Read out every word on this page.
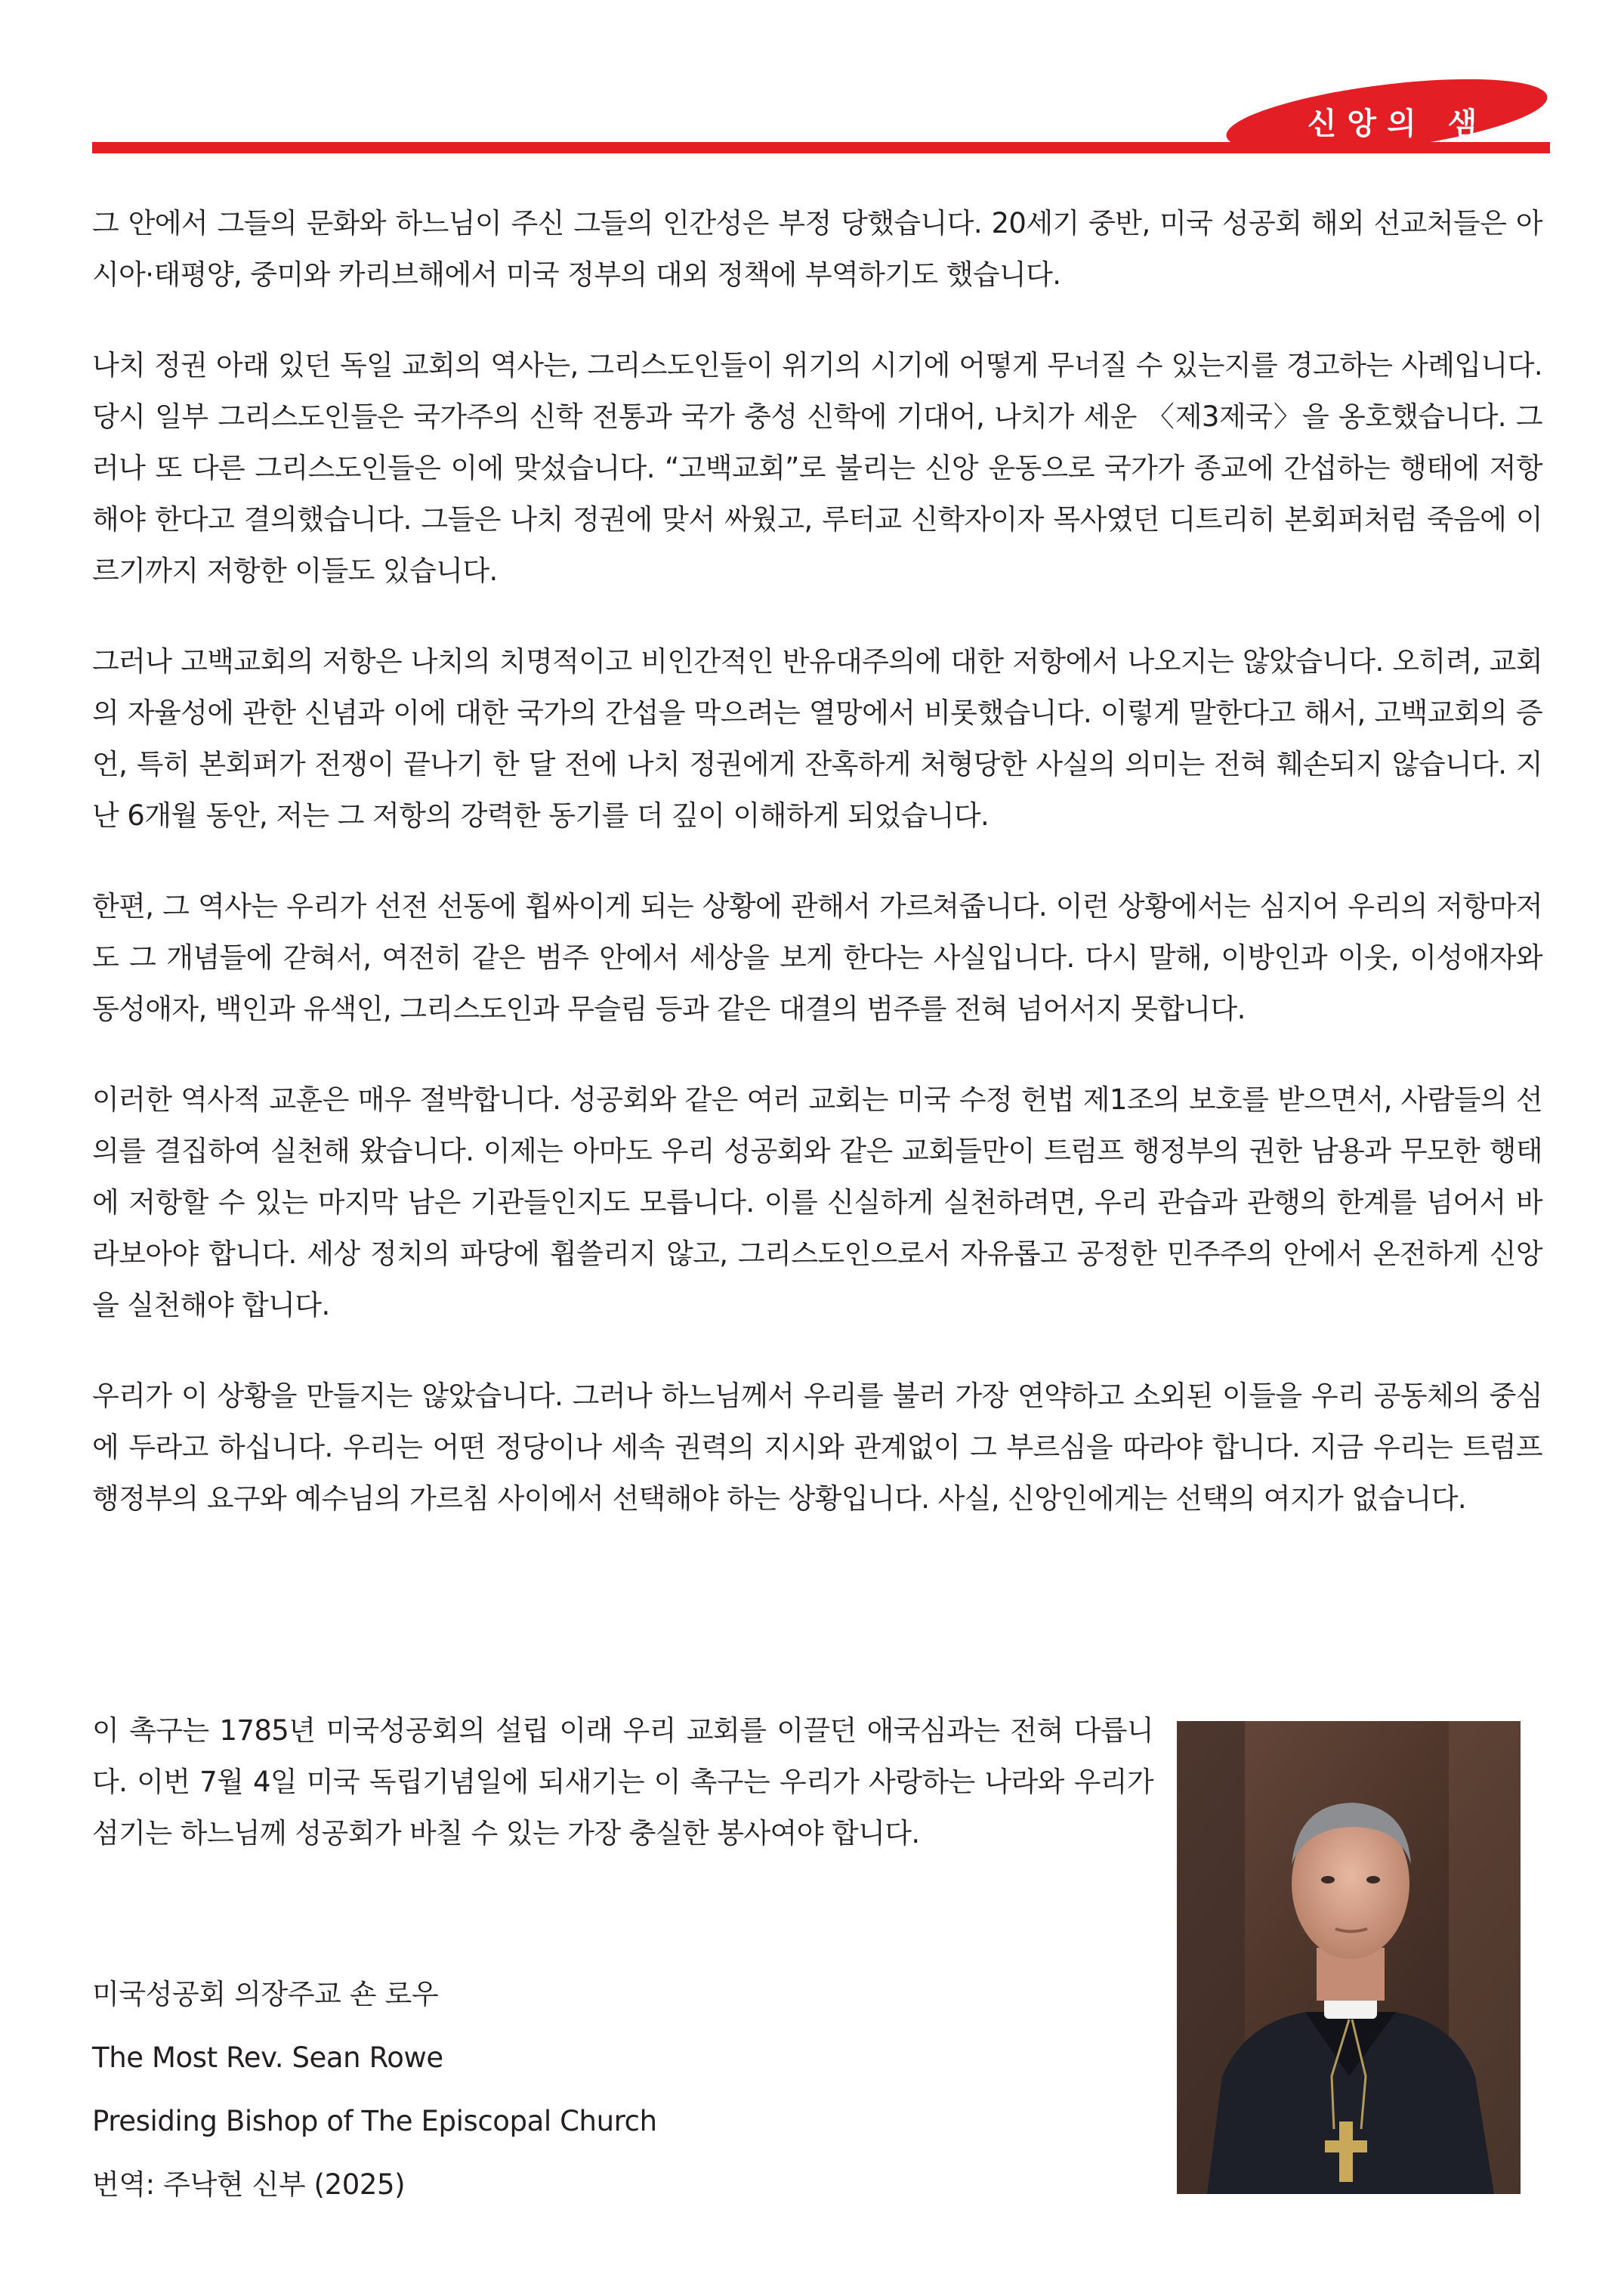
신앙의 샘

그 안에서 그들의 문화와 하느님이 주신 그들의 인간성은 부정 당했습니다. 20세기 중반, 미국 성공회 해외 선교처들은 아시아·태평양, 중미와 카리브해에서 미국 정부의 대외 정책에 부역하기도 했습니다.

나치 정권 아래 있던 독일 교회의 역사는, 그리스도인들이 위기의 시기에 어떻게 무너질 수 있는지를 경고하는 사례입니다. 당시 일부 그리스도인들은 국가주의 신학 전통과 국가 충성 신학에 기대어, 나치가 세운 〈제3제국〉을 옹호했습니다. 그러나 또 다른 그리스도인들은 이에 맞섰습니다. “고백교회”로 불리는 신앙 운동으로 국가가 종교에 간섭하는 행태에 저항해야 한다고 결의했습니다. 그들은 나치 정권에 맞서 싸웠고, 루터교 신학자이자 목사였던 디트리히 본회퍼처럼 죽음에 이르기까지 저항한 이들도 있습니다.

그러나 고백교회의 저항은 나치의 치명적이고 비인간적인 반유대주의에 대한 저항에서 나오지는 않았습니다. 오히려, 교회의 자율성에 관한 신념과 이에 대한 국가의 간섭을 막으려는 열망에서 비롯했습니다. 이렇게 말한다고 해서, 고백교회의 증언, 특히 본회퍼가 전쟁이 끝나기 한 달 전에 나치 정권에게 잔혹하게 처형당한 사실의 의미는 전혀 훼손되지 않습니다. 지난 6개월 동안, 저는 그 저항의 강력한 동기를 더 깊이 이해하게 되었습니다.

한편, 그 역사는 우리가 선전 선동에 휩싸이게 되는 상황에 관해서 가르쳐줍니다. 이런 상황에서는 심지어 우리의 저항마저도 그 개념들에 갇혀서, 여전히 같은 범주 안에서 세상을 보게 한다는 사실입니다. 다시 말해, 이방인과 이웃, 이성애자와 동성애자, 백인과 유색인, 그리스도인과 무슬림 등과 같은 대결의 범주를 전혀 넘어서지 못합니다.

이러한 역사적 교훈은 매우 절박합니다. 성공회와 같은 여러 교회는 미국 수정 헌법 제1조의 보호를 받으면서, 사람들의 선의를 결집하여 실천해 왔습니다. 이제는 아마도 우리 성공회와 같은 교회들만이 트럼프 행정부의 권한 남용과 무모한 행태에 저항할 수 있는 마지막 남은 기관들인지도 모릅니다. 이를 신실하게 실천하려면, 우리 관습과 관행의 한계를 넘어서 바라보아야 합니다. 세상 정치의 파당에 휩쓸리지 않고, 그리스도인으로서 자유롭고 공정한 민주주의 안에서 온전하게 신앙을 실천해야 합니다.

우리가 이 상황을 만들지는 않았습니다. 그러나 하느님께서 우리를 불러 가장 연약하고 소외된 이들을 우리 공동체의 중심에 두라고 하십니다. 우리는 어떤 정당이나 세속 권력의 지시와 관계없이 그 부르심을 따라야 합니다. 지금 우리는 트럼프 행정부의 요구와 예수님의 가르침 사이에서 선택해야 하는 상황입니다. 사실, 신앙인에게는 선택의 여지가 없습니다.

이 촉구는 1785년 미국성공회의 설립 이래 우리 교회를 이끌던 애국심과는 전혀 다릅니다. 이번 7월 4일 미국 독립기념일에 되새기는 이 촉구는 우리가 사랑하는 나라와 우리가 섬기는 하느님께 성공회가 바칠 수 있는 가장 충실한 봉사여야 합니다.

미국성공회 의장주교 숀 로우
The Most Rev. Sean Rowe
Presiding Bishop of The Episcopal Church
번역: 주낙현 신부 (2025)
